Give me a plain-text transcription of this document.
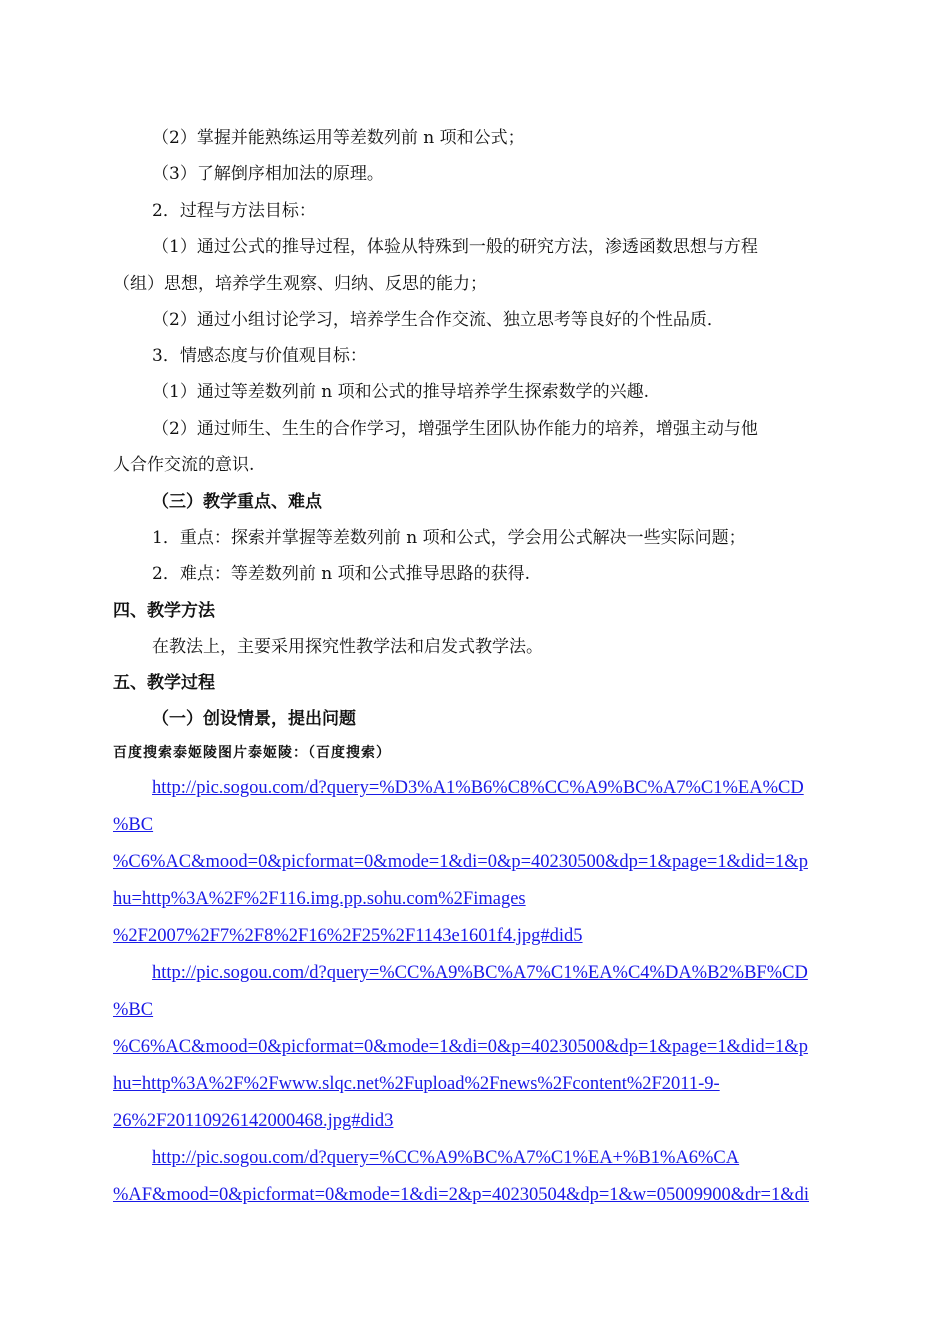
（2）掌握并能熟练运用等差数列前 n 项和公式；
（3）了解倒序相加法的原理。
2．过程与方法目标：
（1）通过公式的推导过程，体验从特殊到一般的研究方法，渗透函数思想与方程
（组）思想，培养学生观察、归纳、反思的能力；
（2）通过小组讨论学习，培养学生合作交流、独立思考等良好的个性品质．
3．情感态度与价值观目标：
（1）通过等差数列前 n 项和公式的推导培养学生探索数学的兴趣.
（2）通过师生、生生的合作学习，增强学生团队协作能力的培养，增强主动与他
人合作交流的意识.
（三）教学重点、难点
1．重点：探索并掌握等差数列前 n 项和公式，学会用公式解决一些实际问题；
2．难点：等差数列前 n 项和公式推导思路的获得.
四、教学方法
在教法上，主要采用探究性教学法和启发式教学法。
五、教学过程
（一）创设情景，提出问题
百度搜索泰姬陵图片泰姬陵：（百度搜索）
http://pic.sogou.com/d?query=%D3%A1%B6%C8%CC%A9%BC%A7%C1%EA%CD
%BC
%C6%AC&mood=0&picformat=0&mode=1&di=0&p=40230500&dp=1&page=1&did=1&p
hu=http%3A%2F%2F116.img.pp.sohu.com%2Fimages
%2F2007%2F7%2F8%2F16%2F25%2F1143e1601f4.jpg#did5
http://pic.sogou.com/d?query=%CC%A9%BC%A7%C1%EA%C4%DA%B2%BF%CD
%BC
%C6%AC&mood=0&picformat=0&mode=1&di=0&p=40230500&dp=1&page=1&did=1&p
hu=http%3A%2F%2Fwww.slqc.net%2Fupload%2Fnews%2Fcontent%2F2011-9-
26%2F20110926142000468.jpg#did3
http://pic.sogou.com/d?query=%CC%A9%BC%A7%C1%EA+%B1%A6%CA
%AF&mood=0&picformat=0&mode=1&di=2&p=40230504&dp=1&w=05009900&dr=1&di
